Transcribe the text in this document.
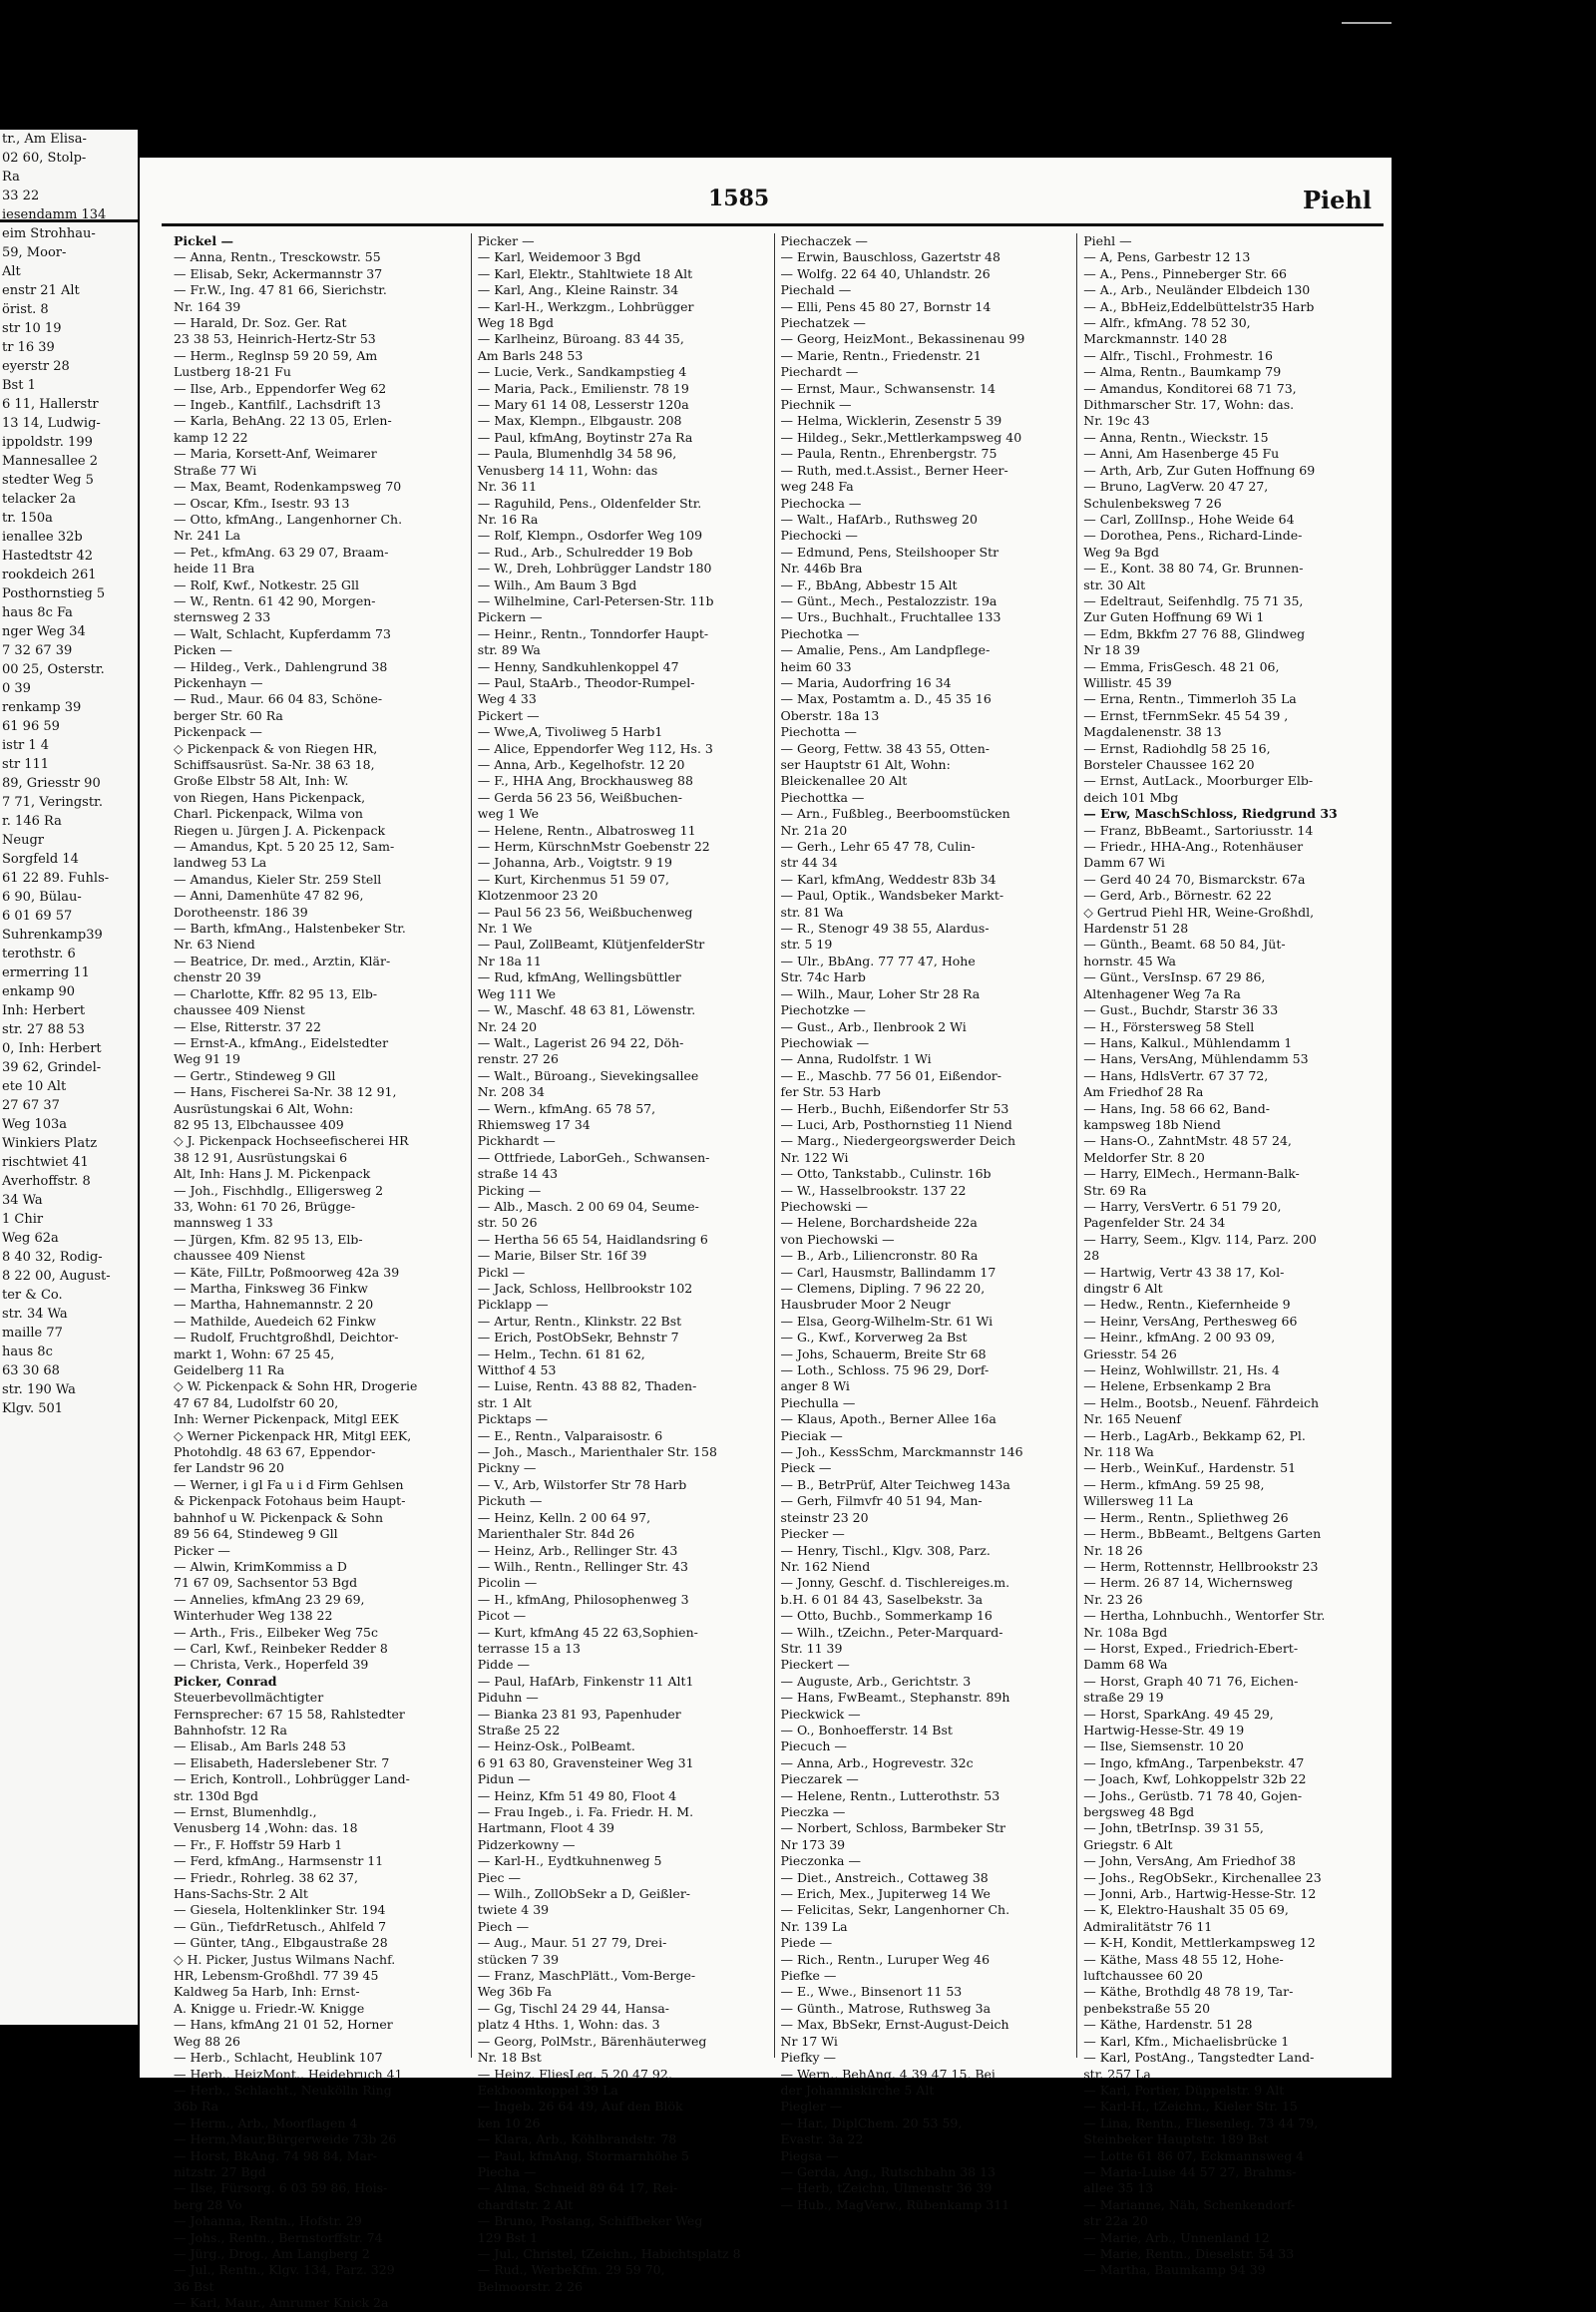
tr., Am Elisa-
02 60, Stolp-
Ra
33 22
iesendamm 134
eim Strohhau-
59, Moor-
Alt
enstr 21 Alt
örist. 8
str 10 19
tr 16 39
eyerstr 28
Bst 1
6 11, Hallerstr
13 14, Ludwig-
ippoldstr. 199
Mannesallee 2
stedter Weg 5
telacker 2a
tr. 150a
ienallee 32b
Hastedtstr 42
rookdeich 261
Posthornstieg 5
haus 8c Fa
nger Weg 34
7 32 67 39
00 25, Osterstr.
0 39
renkamp 39
61 96 59
istr 1 4
str 111
89, Griesstr 90
7 71, Veringstr.
r. 146 Ra
Neugr
Sorgfeld 14
61 22 89. Fuhls-
6 90, Bülau-
6 01 69 57
Suhrenkamp39
terothstr. 6
ermerring 11
enkamp 90
Inh: Herbert
str. 27 88 53
0, Inh: Herbert
39 62, Grindel-
ete 10 Alt
27 67 37
Weg 103a
Winkiers Platz
rischtwiet 41
Averhoffstr. 8
34 Wa
1 Chir
Weg 62a
8 40 32, Rodig-
8 22 00, August-
ter & Co.
str. 34 Wa
maille 77
haus 8c
63 30 68
str. 190 Wa
Klgv. 501
1585	Piehl
Pickel —
— Anna, Rentn., Tresckowstr. 55
— Elisab, Sekr, Ackermannstr 37
— Fr.W., Ing. 47 81 66, Sierichstr.
Nr. 164 39
— Harald, Dr. Soz. Ger. Rat
23 38 53, Heinrich-Hertz-Str 53
— Herm., Reglnsp 59 20 59, Am
Lustberg 18-21 Fu
— Ilse, Arb., Eppendorfer Weg 62
— Ingeb., Kantfilf., Lachsdrift 13
— Karla, BehAng. 22 13 05, Erlen-
kamp 12 22
— Maria, Korsett-Anf, Weimarer
Straße 77 Wi
— Max, Beamt, Rodenkampsweg 70
— Oscar, Kfm., Isestr. 93 13
— Otto, kfmAng., Langenhorner Ch.
Nr. 241 La
— Pet., kfmAng. 63 29 07, Braam-
heide 11 Bra
— Rolf, Kwf., Notkestr. 25 Gll
— W., Rentn. 61 42 90, Morgen-
sternsweg 2 33
— Walt, Schlacht, Kupferdamm 73
Picken —
— Hildeg., Verk., Dahlengrund 38
Pickenhayn —
— Rud., Maur. 66 04 83, Schöne-
berger Str. 60 Ra
Pickenpack —
◇ Pickenpack & von Riegen HR,
Schiffsausrüst. Sa-Nr. 38 63 18,
Große Elbstr 58 Alt, Inh: W.
von Riegen, Hans Pickenpack,
Charl. Pickenpack, Wilma von
Riegen u. Jürgen J. A. Pickenpack
— Amandus, Kpt. 5 20 25 12, Sam-
landweg 53 La
— Amandus, Kieler Str. 259 Stell
— Anni, Damenhüte 47 82 96,
Dorotheenstr. 186 39
— Barth, kfmAng., Halstenbeker Str.
Nr. 63 Niend
— Beatrice, Dr. med., Arztin, Klär-
chenstr 20 39
— Charlotte, Kffr. 82 95 13, Elb-
chaussee 409 Nienst
— Else, Ritterstr. 37 22
— Ernst-A., kfmAng., Eidelstedter
Weg 91 19
— Gertr., Stindeweg 9 Gll
— Hans, Fischerei Sa-Nr. 38 12 91,
Ausrüstungskai 6 Alt, Wohn:
82 95 13, Elbchaussee 409
◇ J. Pickenpack Hochseefischerei HR
38 12 91, Ausrüstungskai 6
Alt, Inh: Hans J. M. Pickenpack
— Joh., Fischhdlg., Elligersweg 2
33, Wohn: 61 70 26, Brügge-
mannsweg 1 33
— Jürgen, Kfm. 82 95 13, Elb-
chaussee 409 Nienst
— Käte, FilLtr, Poßmoorweg 42a 39
— Martha, Finksweg 36 Finkw
— Martha, Hahnemannstr. 2 20
— Mathilde, Auedeich 62 Finkw
— Rudolf, Fruchtgroßhdl, Deichtor-
markt 1, Wohn: 67 25 45,
Geidelberg 11 Ra
◇ W. Pickenpack & Sohn HR, Drogerie
47 67 84, Ludolfstr 60 20,
Inh: Werner Pickenpack, Mitgl EEK
◇ Werner Pickenpack HR, Mitgl EEK,
Photohdlg. 48 63 67, Eppendor-
fer Landstr 96 20
— Werner, i gl Fa u i d Firm Gehlsen
& Pickenpack Fotohaus beim Haupt-
bahnhof u W. Pickenpack & Sohn
89 56 64, Stindeweg 9 Gll
Picker —
— Alwin, KrimKommiss a D
71 67 09, Sachsentor 53 Bgd
— Annelies, kfmAng 23 29 69,
Winterhuder Weg 138 22
— Arth., Fris., Eilbeker Weg 75c
— Carl, Kwf., Reinbeker Redder 8
— Christa, Verk., Hoperfeld 39
Picker, Conrad
Steuerbevollmächtigter
Fernsprecher: 67 15 58, Rahlstedter
Bahnhofstr. 12 Ra
— Elisab., Am Barls 248 53
— Elisabeth, Haderslebener Str. 7
— Erich, Kontroll., Lohbrügger Land-
str. 130d Bgd
— Ernst, Blumenhdlg.,
Venusberg 14 ,Wohn: das. 18
— Fr., F. Hoffstr 59 Harb 1
— Ferd, kfmAng., Harmsenstr 11
— Friedr., Rohrleg. 38 62 37,
Hans-Sachs-Str. 2 Alt
— Giesela, Holtenklinker Str. 194
— Gün., TiefdrRetusch., Ahlfeld 7
— Günter, tAng., Elbgaustraße 28
◇ H. Picker, Justus Wilmans Nachf.
HR, Lebensm-Großhdl. 77 39 45
Kaldweg 5a Harb, Inh: Ernst-
A. Knigge u. Friedr.-W. Knigge
— Hans, kfmAng 21 01 52, Horner
Weg 88 26
— Herb., Schlacht, Heublink 107
— Herb., HeizMont., Heidebruch 41
— Herb., Schlacht., Neukölln Ring
36b Ra
— Herm., Arb., Moorflagen 4
— Herm,Maur,Bürgerweide 73b 26
— Horst, BkAng. 74 98 84, Mar-
nitzstr. 27 Bgd
— Ilse, Fürsorg. 6 03 59 86, Hois-
berg 28 Vo
— Johanna, Rentn., Hofstr. 29
— Johs., Rentn., Bernstorffstr. 74
— Jürg., Drog., Am Langberg 2
— Jul., Rentn., Klgv. 134, Parz. 329
36 Bst
— Karl, Maur., Amrumer Knick 2a
Picker —
— Karl, Weidemoor 3 Bgd
— Karl, Elektr., Stahltwiete 18 Alt
— Karl, Ang., Kleine Rainstr. 34
— Karl-H., Werkzgm., Lohbrügger
Weg 18 Bgd
— Karlheinz, Büroang. 83 44 35,
Am Barls 248 53
— Lucie, Verk., Sandkampstieg 4
— Maria, Pack., Emilienstr. 78 19
— Mary 61 14 08, Lesserstr 120a
— Max, Klempn., Elbgaustr. 208
— Paul, kfmAng, Boytinstr 27a Ra
— Paula, Blumenhdlg 34 58 96,
Venusberg 14 11, Wohn: das
Nr. 36 11
— Raguhild, Pens., Oldenfelder Str.
Nr. 16 Ra
— Rolf, Klempn., Osdorfer Weg 109
— Rud., Arb., Schulredder 19 Bob
— W., Dreh, Lohbrügger Landstr 180
— Wilh., Am Baum 3 Bgd
— Wilhelmine, Carl-Petersen-Str. 11b
Pickern —
— Heinr., Rentn., Tonndorfer Haupt-
str. 89 Wa
— Henny, Sandkuhlenkoppel 47
— Paul, StaArb., Theodor-Rumpel-
Weg 4 33
Pickert —
— Wwe,A, Tivoliweg 5 Harb1
— Alice, Eppendorfer Weg 112, Hs. 3
— Anna, Arb., Kegelhofstr. 12 20
— F., HHA Ang, Brockhausweg 88
— Gerda 56 23 56, Weißbuchen-
weg 1 We
— Helene, Rentn., Albatrosweg 11
— Herm, KürschnMstr Goebenstr 22
— Johanna, Arb., Voigtstr. 9 19
— Kurt, Kirchenmus 51 59 07,
Klotzenmoor 23 20
— Paul 56 23 56, Weißbuchenweg
Nr. 1 We
— Paul, ZollBeamt, KlütjenfelderStr
Nr 18a 11
— Rud, kfmAng, Wellingsbüttler
Weg 111 We
— W., Maschf. 48 63 81, Löwenstr.
Nr. 24 20
— Walt., Lagerist 26 94 22, Döh-
renstr. 27 26
— Walt., Büroang., Sievekingsallee
Nr. 208 34
— Wern., kfmAng. 65 78 57,
Rhiemsweg 17 34
Pickhardt —
— Ottfriede, LaborGeh., Schwansen-
straße 14 43
Picking —
— Alb., Masch. 2 00 69 04, Seume-
str. 50 26
— Hertha 56 65 54, Haidlandsring 6
— Marie, Bilser Str. 16f 39
Pickl —
— Jack, Schloss, Hellbrookstr 102
Picklapp —
— Artur, Rentn., Klinkstr. 22 Bst
— Erich, PostObSekr, Behnstr 7
— Helm., Techn. 61 81 62,
Witthof 4 53
— Luise, Rentn. 43 88 82, Thaden-
str. 1 Alt
Picktaps —
— E., Rentn., Valparaisostr. 6
— Joh., Masch., Marienthaler Str. 158
Pickny —
— V., Arb, Wilstorfer Str 78 Harb
Pickuth —
— Heinz, Kelln. 2 00 64 97,
Marienthaler Str. 84d 26
— Heinz, Arb., Rellinger Str. 43
— Wilh., Rentn., Rellinger Str. 43
Picolin —
— H., kfmAng, Philosophenweg 3
Picot —
— Kurt, kfmAng 45 22 63,Sophien-
terrasse 15 a 13
Pidde —
— Paul, HafArb, Finkenstr 11 Alt1
Piduhn —
— Bianka 23 81 93, Papenhuder
Straße 25 22
— Heinz-Osk., PolBeamt.
6 91 63 80, Gravensteiner Weg 31
Pidun —
— Heinz, Kfm 51 49 80, Floot 4
— Frau Ingeb., i. Fa. Friedr. H. M.
Hartmann, Floot 4 39
Pidzerkowny —
— Karl-H., Eydtkuhnenweg 5
Piec —
— Wilh., ZollObSekr a D, Geißler-
twiete 4 39
Piech —
— Aug., Maur. 51 27 79, Drei-
stücken 7 39
— Franz, MaschPlätt., Vom-Berge-
Weg 36b Fa
— Gg, Tischl 24 29 44, Hansa-
platz 4 Hths. 1, Wohn: das. 3
— Georg, PolMstr., Bärenhäuterweg
Nr. 18 Bst
— Heinz, FliesLeg. 5 20 47 92,
Eekboomkoppel 39 La
— Ingeb. 26 64 49, Auf den Blök
ken 10 26
— Klara, Arb., Köhlbrandstr. 78
— Paul, kfmAng, Stormarnhöhe 5
Piecha —
— Alma, Schneid 89 64 17, Rei-
chardtstr. 2 Alt
— Bruno, Postang, Schiffbeker Weg
129 Bst 1
— Jul., Christel, tZeichn., Habichtsplatz 8
— Rud., WerbeKfm. 29 59 70,
Belmoorstr. 2 26
Piechaczek —
— Erwin, Bauschloss, Gazertstr 48
— Wolfg. 22 64 40, Uhlandstr. 26
Piechald —
— Elli, Pens 45 80 27, Bornstr 14
Piechatzek —
— Georg, HeizMont., Bekassinenau 99
— Marie, Rentn., Friedenstr. 21
Piechardt —
— Ernst, Maur., Schwansenstr. 14
Piechnik —
— Helma, Wicklerin, Zesenstr 5 39
— Hildeg., Sekr.,Mettlerkampsweg 40
— Paula, Rentn., Ehrenbergstr. 75
— Ruth, med.t.Assist., Berner Heer-
weg 248 Fa
Piechocka —
— Walt., HafArb., Ruthsweg 20
Piechocki —
— Edmund, Pens, Steilshooper Str
Nr. 446b Bra
— F., BbAng, Abbestr 15 Alt
— Günt., Mech., Pestalozzistr. 19a
— Urs., Buchhalt., Fruchtallee 133
Piechotka —
— Amalie, Pens., Am Landpflege-
heim 60 33
— Maria, Audorfring 16 34
— Max, Postamtm a. D., 45 35 16
Oberstr. 18a 13
Piechotta —
— Georg, Fettw. 38 43 55, Otten-
ser Hauptstr 61 Alt, Wohn:
Bleickenallee 20 Alt
Piechottka —
— Arn., Fußbleg., Beerboomstücken
Nr. 21a 20
— Gerh., Lehr 65 47 78, Culin-
str 44 34
— Karl, kfmAng, Weddestr 83b 34
— Paul, Optik., Wandsbeker Markt-
str. 81 Wa
— R., Stenogr 49 38 55, Alardus-
str. 5 19
— Ulr., BbAng. 77 77 47, Hohe
Str. 74c Harb
— Wilh., Maur, Loher Str 28 Ra
Piechotzke —
— Gust., Arb., Ilenbrook 2 Wi
Piechowiak —
— Anna, Rudolfstr. 1 Wi
— E., Maschb. 77 56 01, Eißendor-
fer Str. 53 Harb
— Herb., Buchh, Eißendorfer Str 53
— Luci, Arb, Posthornstieg 11 Niend
— Marg., Niedergeorgswerder Deich
Nr. 122 Wi
— Otto, Tankstabb., Culinstr. 16b
— W., Hasselbrookstr. 137 22
Piechowski —
— Helene, Borchardsheide 22a
von Piechowski —
— B., Arb., Liliencronstr. 80 Ra
— Carl, Hausmstr, Ballindamm 17
— Clemens, Dipling. 7 96 22 20,
Hausbruder Moor 2 Neugr
— Elsa, Georg-Wilhelm-Str. 61 Wi
— G., Kwf., Korverweg 2a Bst
— Johs, Schauerm, Breite Str 68
— Loth., Schloss. 75 96 29, Dorf-
anger 8 Wi
Piechulla —
— Klaus, Apoth., Berner Allee 16a
Pieciak —
— Joh., KessSchm, Marckmannstr 146
Pieck —
— B., BetrPrüf, Alter Teichweg 143a
— Gerh, Filmvfr 40 51 94, Man-
steinstr 23 20
Piecker —
— Henry, Tischl., Klgv. 308, Parz.
Nr. 162 Niend
— Jonny, Geschf. d. Tischlereiges.m.
b.H. 6 01 84 43, Saselbekstr. 3a
— Otto, Buchb., Sommerkamp 16
— Wilh., tZeichn., Peter-Marquard-
Str. 11 39
Pieckert —
— Auguste, Arb., Gerichtstr. 3
— Hans, FwBeamt., Stephanstr. 89h
Pieckwick —
— O., Bonhoefferstr. 14 Bst
Piecuch —
— Anna, Arb., Hogrevestr. 32c
Pieczarek —
— Helene, Rentn., Lutterothstr. 53
Pieczka —
— Norbert, Schloss, Barmbeker Str
Nr 173 39
Pieczonka —
— Diet., Anstreich., Cottaweg 38
— Erich, Mex., Jupiterweg 14 We
— Felicitas, Sekr, Langenhorner Ch.
Nr. 139 La
Piede —
— Rich., Rentn., Luruper Weg 46
Piefke —
— E., Wwe., Binsenort 11 53
— Günth., Matrose, Ruthsweg 3a
— Max, BbSekr, Ernst-August-Deich
Nr 17 Wi
Piefky —
— Wern., BehAng. 4 39 47 15, Bei
der Johanniskirche 5 Alt
Piegler —
— Har., DiplChem. 20 53 59,
Evastr. 3a 22
Piegsa —
— Gerda, Ang., Rutschbahn 38 13
— Herb, tZeichn, Ulmenstr 36 39
— Hub., MagVerw., Rübenkamp 311
Piehl —
— A, Pens, Garbestr 12 13
— A., Pens., Pinneberger Str. 66
— A., Arb., Neuländer Elbdeich 130
— A., BbHeiz,Eddelbüttelstr35 Harb
— Alfr., kfmAng. 78 52 30,
Marckmannstr. 140 28
— Alfr., Tischl., Frohmestr. 16
— Alma, Rentn., Baumkamp 79
— Amandus, Konditorei 68 71 73,
Dithmarscher Str. 17, Wohn: das.
Nr. 19c 43
— Anna, Rentn., Wieckstr. 15
— Anni, Am Hasenberge 45 Fu
— Arth, Arb, Zur Guten Hoffnung 69
— Bruno, LagVerw. 20 47 27,
Schulenbeksweg 7 26
— Carl, ZollInsp., Hohe Weide 64
— Dorothea, Pens., Richard-Linde-
Weg 9a Bgd
— E., Kont. 38 80 74, Gr. Brunnen-
str. 30 Alt
— Edeltraut, Seifenhdlg. 75 71 35,
Zur Guten Hoffnung 69 Wi 1
— Edm, Bkkfm 27 76 88, Glindweg
Nr 18 39
— Emma, FrisGesch. 48 21 06,
Willistr. 45 39
— Erna, Rentn., Timmerloh 35 La
— Ernst, tFernmSekr. 45 54 39 ,
Magdalenenstr. 38 13
— Ernst, Radiohdlg 58 25 16,
Borsteler Chaussee 162 20
— Ernst, AutLack., Moorburger Elb-
deich 101 Mbg
— Erw, MaschSchloss, Riedgrund 33
— Franz, BbBeamt., Sartoriusstr. 14
— Friedr., HHA-Ang., Rotenhäuser
Damm 67 Wi
— Gerd 40 24 70, Bismarckstr. 67a
— Gerd, Arb., Börnestr. 62 22
◇ Gertrud Piehl HR, Weine-Großhdl,
Hardenstr 51 28
— Günth., Beamt. 68 50 84, Jüt-
hornstr. 45 Wa
— Günt., VersInsp. 67 29 86,
Altenhagener Weg 7a Ra
— Gust., Buchdr, Starstr 36 33
— H., Förstersweg 58 Stell
— Hans, Kalkul., Mühlendamm 1
— Hans, VersAng, Mühlendamm 53
— Hans, HdlsVertr. 67 37 72,
Am Friedhof 28 Ra
— Hans, Ing. 58 66 62, Band-
kampsweg 18b Niend
— Hans-O., ZahntMstr. 48 57 24,
Meldorfer Str. 8 20
— Harry, ElMech., Hermann-Balk-
Str. 69 Ra
— Harry, VersVertr. 6 51 79 20,
Pagenfelder Str. 24 34
— Harry, Seem., Klgv. 114, Parz. 200
28
— Hartwig, Vertr 43 38 17, Kol-
dingstr 6 Alt
— Hedw., Rentn., Kiefernheide 9
— Heinr, VersAng, Perthesweg 66
— Heinr., kfmAng. 2 00 93 09,
Griesstr. 54 26
— Heinz, Wohlwillstr. 21, Hs. 4
— Helene, Erbsenkamp 2 Bra
— Helm., Bootsb., Neuenf. Fährdeich
Nr. 165 Neuenf
— Herb., LagArb., Bekkamp 62, Pl.
Nr. 118 Wa
— Herb., WeinKuf., Hardenstr. 51
— Herm., kfmAng. 59 25 98,
Willersweg 11 La
— Herm., Rentn., Spliethweg 26
— Herm., BbBeamt., Beltgens Garten
Nr. 18 26
— Herm, Rottennstr, Hellbrookstr 23
— Herm. 26 87 14, Wichernsweg
Nr. 23 26
— Hertha, Lohnbuchh., Wentorfer Str.
Nr. 108a Bgd
— Horst, Exped., Friedrich-Ebert-
Damm 68 Wa
— Horst, Graph 40 71 76, Eichen-
straße 29 19
— Horst, SparkAng. 49 45 29,
Hartwig-Hesse-Str. 49 19
— Ilse, Siemsenstr. 10 20
— Ingo, kfmAng., Tarpenbekstr. 47
— Joach, Kwf, Lohkoppelstr 32b 22
— Johs., Gerüstb. 71 78 40, Gojen-
bergsweg 48 Bgd
— John, tBetrInsp. 39 31 55,
Griegstr. 6 Alt
— John, VersAng, Am Friedhof 38
— Johs., RegObSekr., Kirchenallee 23
— Jonni, Arb., Hartwig-Hesse-Str. 12
— K, Elektro-Haushalt 35 05 69,
Admiralitätstr 76 11
— K-H, Kondit, Mettlerkampsweg 12
— Käthe, Mass 48 55 12, Hohe-
luftchaussee 60 20
— Käthe, Brothdlg 48 78 19, Tar-
penbekstraße 55 20
— Käthe, Hardenstr. 51 28
— Karl, Kfm., Michaelisbrücke 1
— Karl, PostAng., Tangstedter Land-
str. 257 La
— Karl, Portier, Düppelstr. 9 Alt
— Karl-H., tZeichn., Kieler Str. 15
— Lina, Rentn., Fliesenleg. 73 44 79,
Steinbeker Hauptstr. 189 Bst
— Lotte 61 86 07, Eckmannsweg 4
— Maria-Luise 44 57 27, Brahms-
allee 35 13
— Marianne, Näh, Schenkendorf-
str 22a 20
— Marie, Arb., Unnenland 12
— Marie, Rentn., Dieselstr. 54 33
— Martha, Baumkamp 94 39
